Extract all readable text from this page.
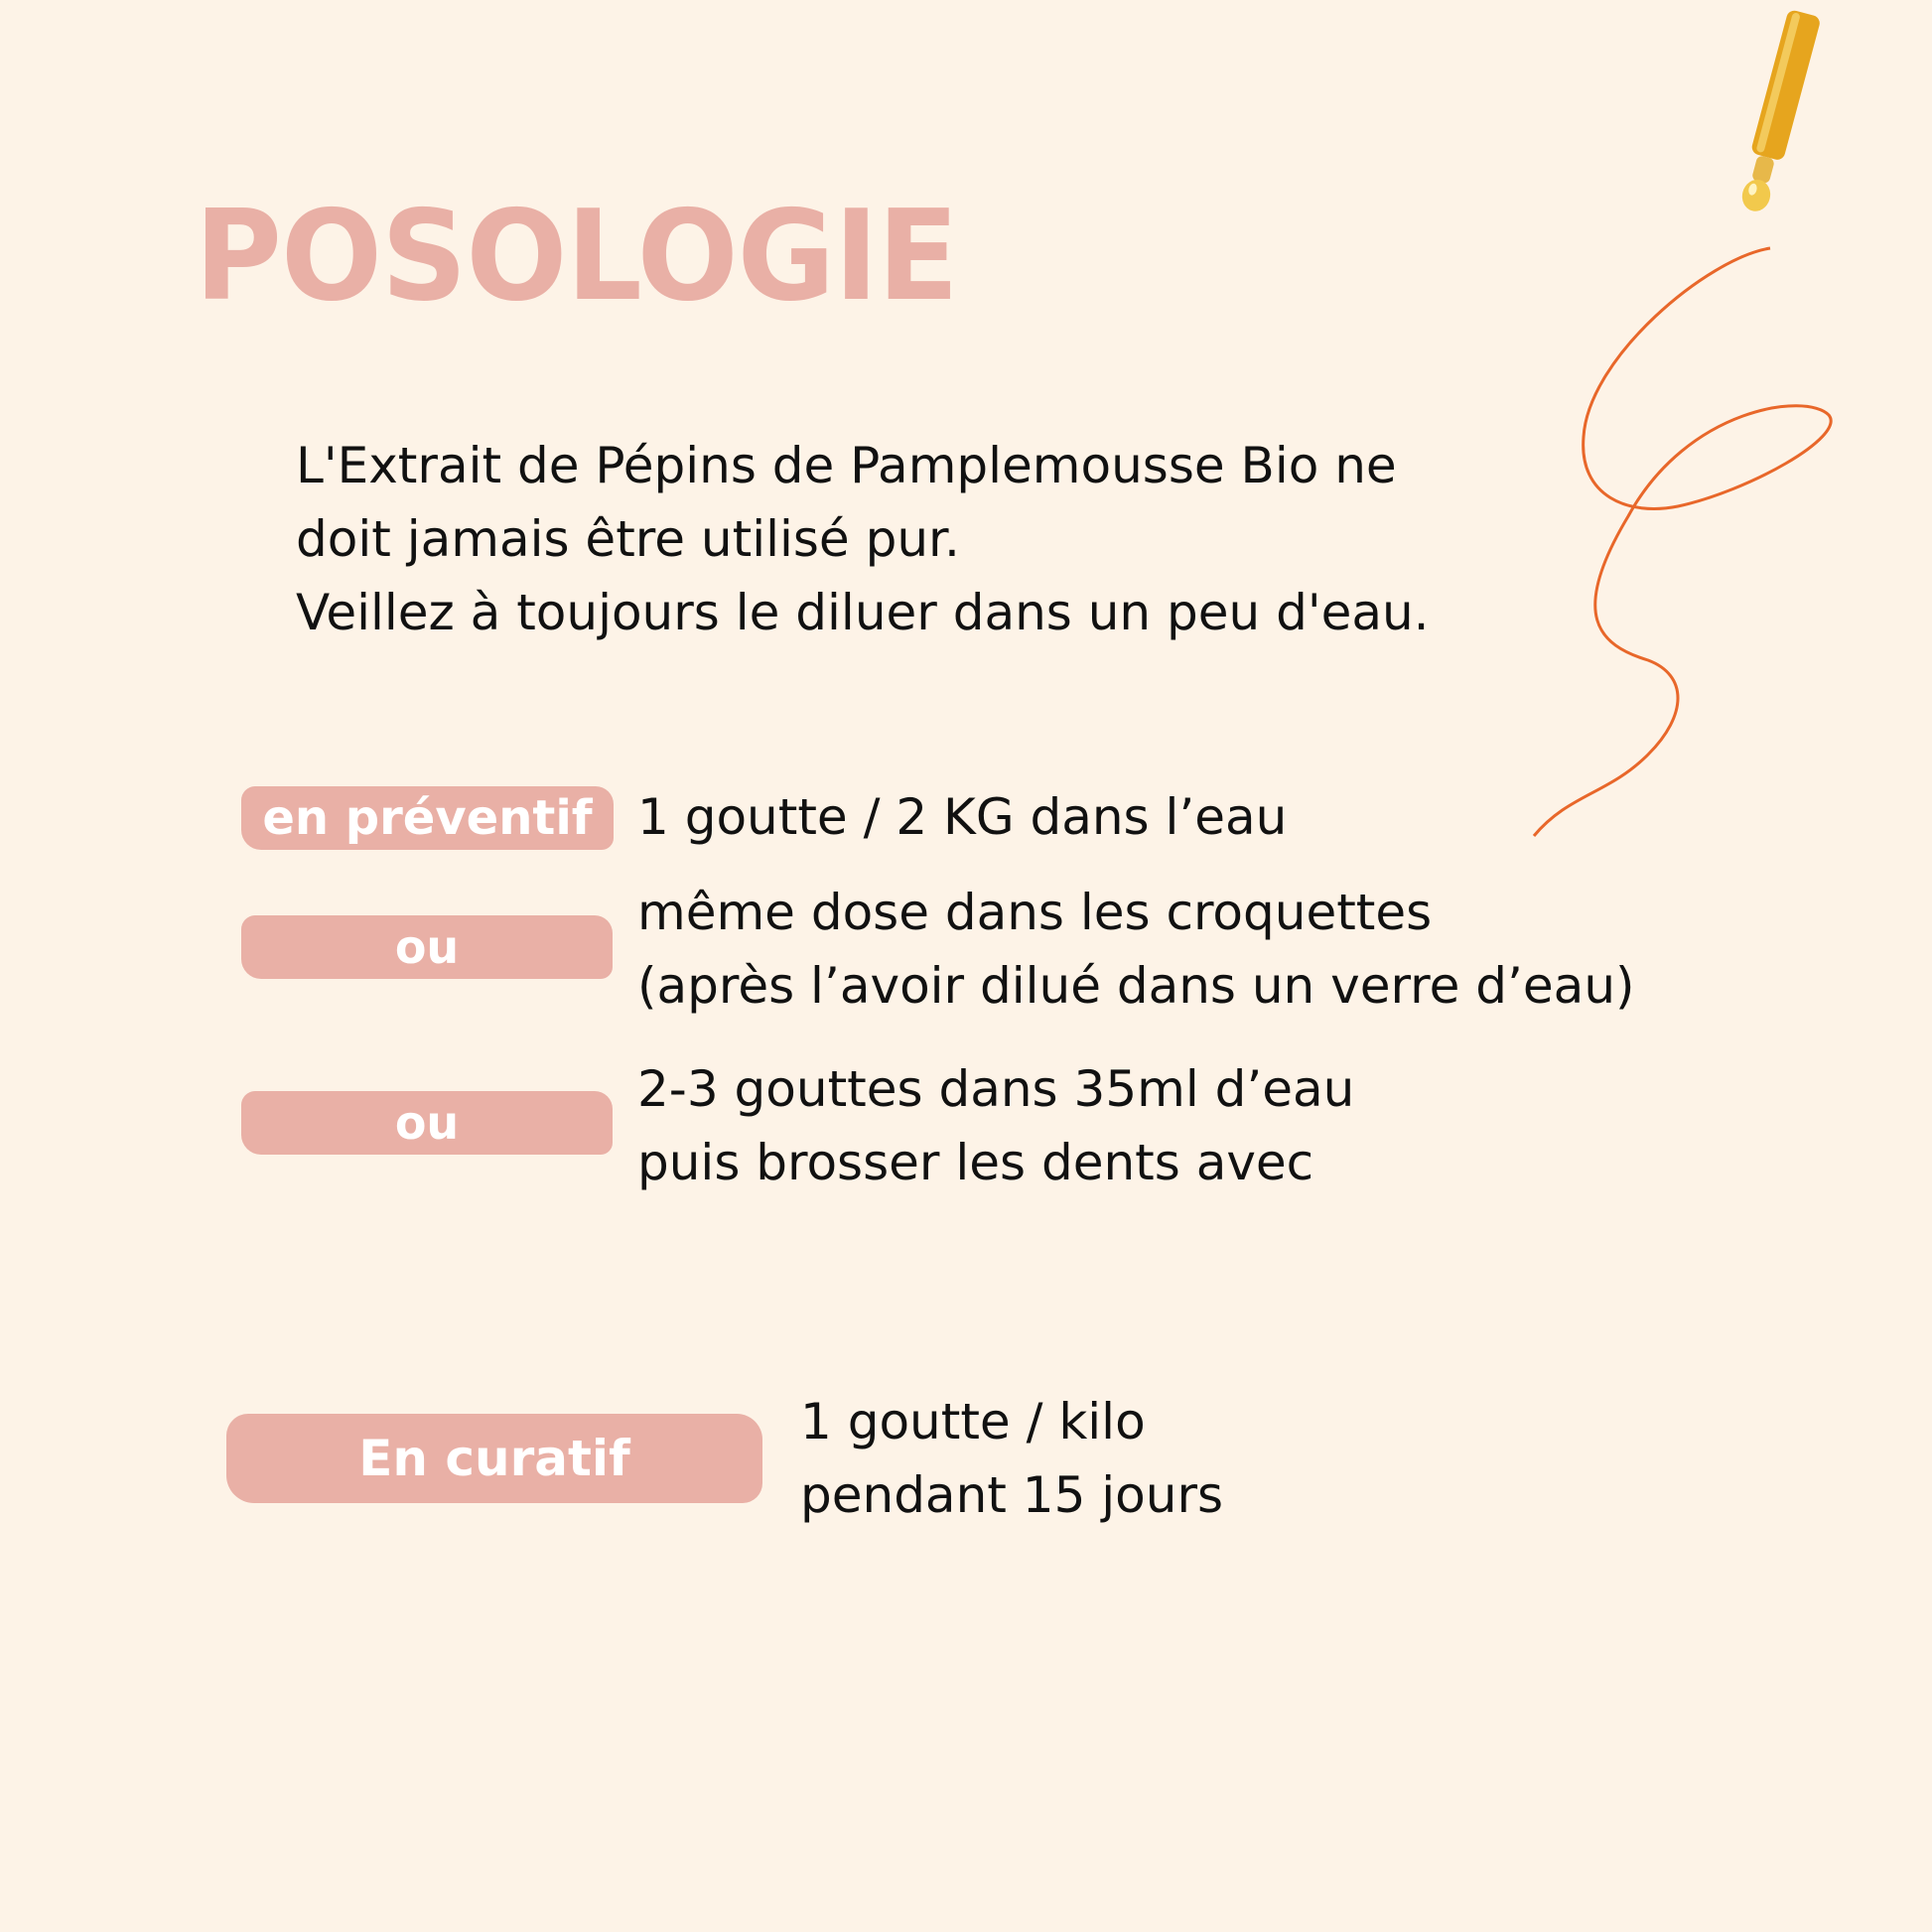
POSOLOGIE
L'Extrait de Pépins de Pamplemousse Bio ne
doit jamais être utilisé pur.
Veillez à toujours le diluer dans un peu d'eau.
en préventif 1 goutte / 2 KG dans l’eau
ou
même dose dans les croquettes
(après l’avoir dilué dans un verre d’eau)
ou
2-3 gouttes dans 35ml d’eau
puis brosser les dents avec
En curatif
1 goutte / kilo
pendant 15 jours
